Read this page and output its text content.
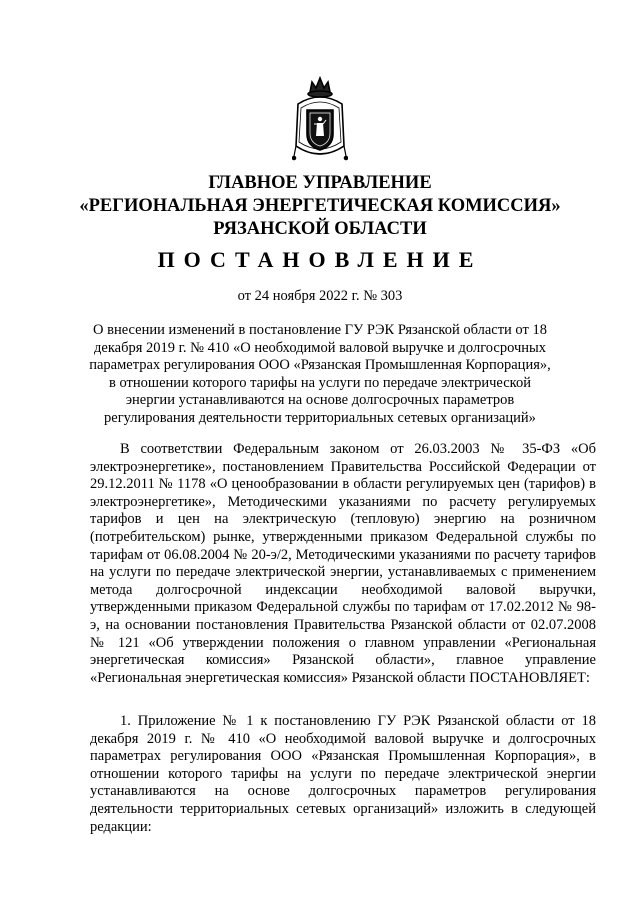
ГЛАВНОЕ УПРАВЛЕНИЕ
«РЕГИОНАЛЬНАЯ ЭНЕРГЕТИЧЕСКАЯ КОМИССИЯ»
РЯЗАНСКОЙ ОБЛАСТИ
ПОСТАНОВЛЕНИЕ
от 24 ноября 2022 г. № 303
О внесении изменений в постановление ГУ РЭК Рязанской области от 18 декабря 2019 г. № 410 «О необходимой валовой выручке и долгосрочных параметрах регулирования ООО «Рязанская Промышленная Корпорация», в отношении которого тарифы на услуги по передаче электрической энергии устанавливаются на основе долгосрочных параметров регулирования деятельности территориальных сетевых организаций»
В соответствии Федеральным законом от 26.03.2003 № 35-ФЗ «Об электроэнергетике», постановлением Правительства Российской Федерации от 29.12.2011 № 1178 «О ценообразовании в области регулируемых цен (тарифов) в электроэнергетике», Методическими указаниями по расчету регулируемых тарифов и цен на электрическую (тепловую) энергию на розничном (потребительском) рынке, утвержденными приказом Федеральной службы по тарифам от 06.08.2004 № 20-э/2, Методическими указаниями по расчету тарифов на услуги по передаче электрической энергии, устанавливаемых с применением метода долгосрочной индексации необходимой валовой выручки, утвержденными приказом Федеральной службы по тарифам от 17.02.2012 № 98-э, на основании постановления Правительства Рязанской области от 02.07.2008 № 121 «Об утверждении положения о главном управлении «Региональная энергетическая комиссия» Рязанской области», главное управление «Региональная энергетическая комиссия» Рязанской области ПОСТАНОВЛЯЕТ:
1. Приложение № 1 к постановлению ГУ РЭК Рязанской области от 18 декабря 2019 г. № 410 «О необходимой валовой выручке и долгосрочных параметрах регулирования ООО «Рязанская Промышленная Корпорация», в отношении которого тарифы на услуги по передаче электрической энергии устанавливаются на основе долгосрочных параметров регулирования деятельности территориальных сетевых организаций» изложить в следующей редакции:
